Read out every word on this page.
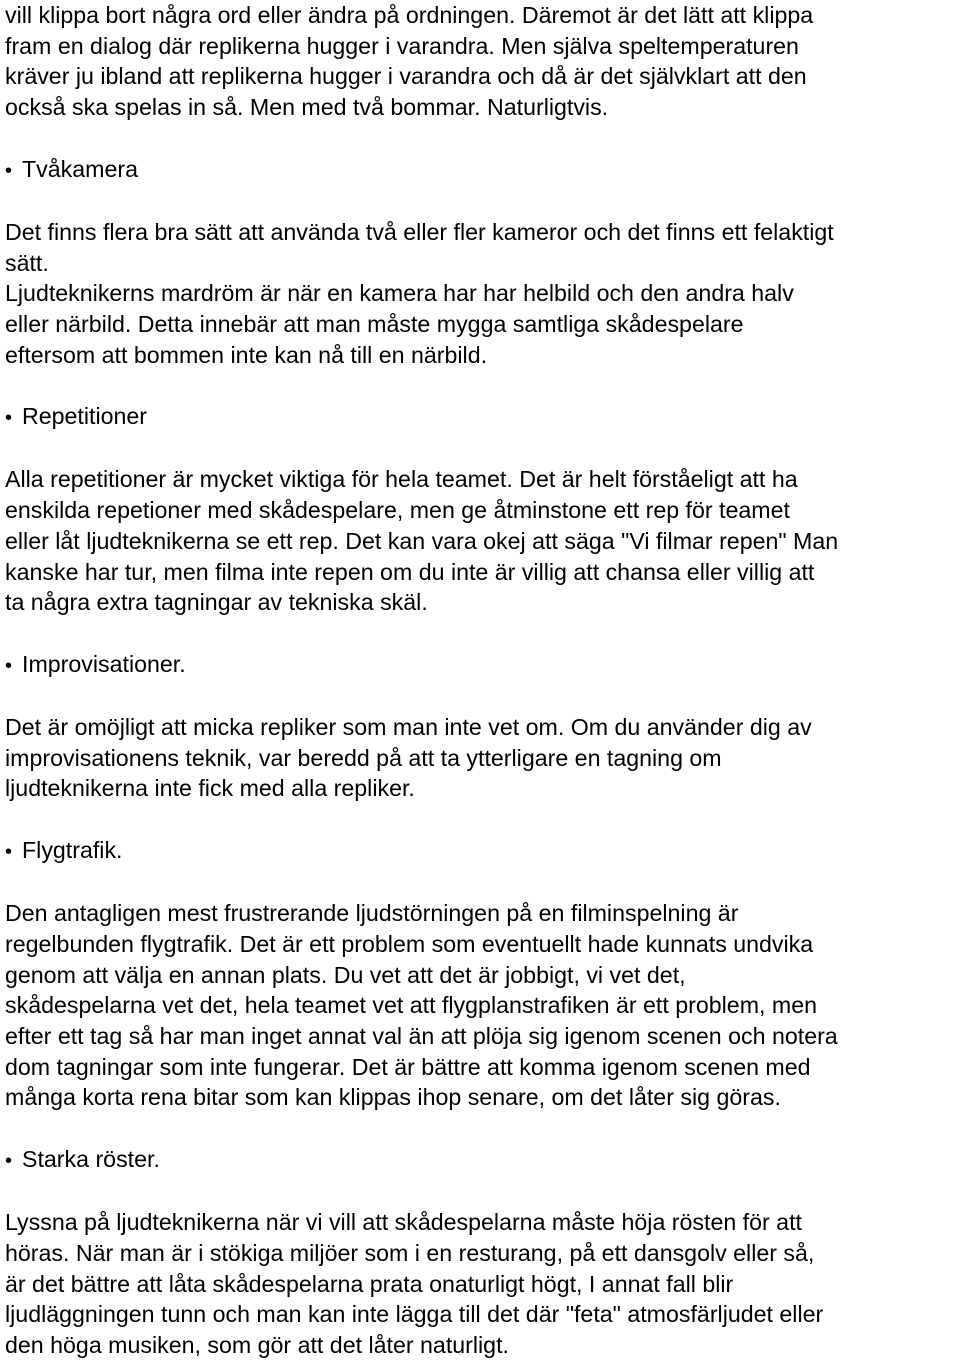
vill klippa bort några ord eller ändra på ordningen. Däremot är det lätt att klippa
fram en dialog där replikerna hugger i varandra. Men själva speltemperaturen
kräver ju ibland att replikerna hugger i varandra och då är det självklart att den
också ska spelas in så. Men med två bommar. Naturligtvis.

• Tvåkamera

Det finns flera bra sätt att använda två eller fler kameror och det finns ett felaktigt
sätt.
Ljudteknikerns mardröm är när en kamera har har helbild och den andra halv
eller närbild. Detta innebär att man måste mygga samtliga skådespelare
eftersom att bommen inte kan nå till en närbild.

• Repetitioner

Alla repetitioner är mycket viktiga för hela teamet. Det är helt förståeligt att ha
enskilda repetioner med skådespelare, men ge åtminstone ett rep för teamet
eller låt ljudteknikerna se ett rep. Det kan vara okej att säga "Vi filmar repen" Man
kanske har tur, men filma inte repen om du inte är villig att chansa eller villig att
ta några extra tagningar av tekniska skäl.

• Improvisationer.

Det är omöjligt att micka repliker som man inte vet om. Om du använder dig av
improvisationens teknik, var beredd på att ta ytterligare en tagning om
ljudteknikerna inte fick med alla repliker.

• Flygtrafik.

Den antagligen mest frustrerande ljudstörningen på en filminspelning är
regelbunden flygtrafik. Det är ett problem som eventuellt hade kunnats undvika
genom att välja en annan plats. Du vet att det är jobbigt, vi vet det,
skådespelarna vet det, hela teamet vet att flygplanstrafiken är ett problem, men
efter ett tag så har man inget annat val än att plöja sig igenom scenen och notera
dom tagningar som inte fungerar. Det är bättre att komma igenom scenen med
många korta rena bitar som kan klippas ihop senare, om det låter sig göras.

• Starka röster.

Lyssna på ljudteknikerna när vi vill att skådespelarna måste höja rösten för att
höras. När man är i stökiga miljöer som i en resturang, på ett dansgolv eller så,
är det bättre att låta skådespelarna prata onaturligt högt, I annat fall blir
ljudläggningen tunn och man kan inte lägga till det där "feta" atmosfärljudet eller
den höga musiken, som gör att det låter naturligt.
